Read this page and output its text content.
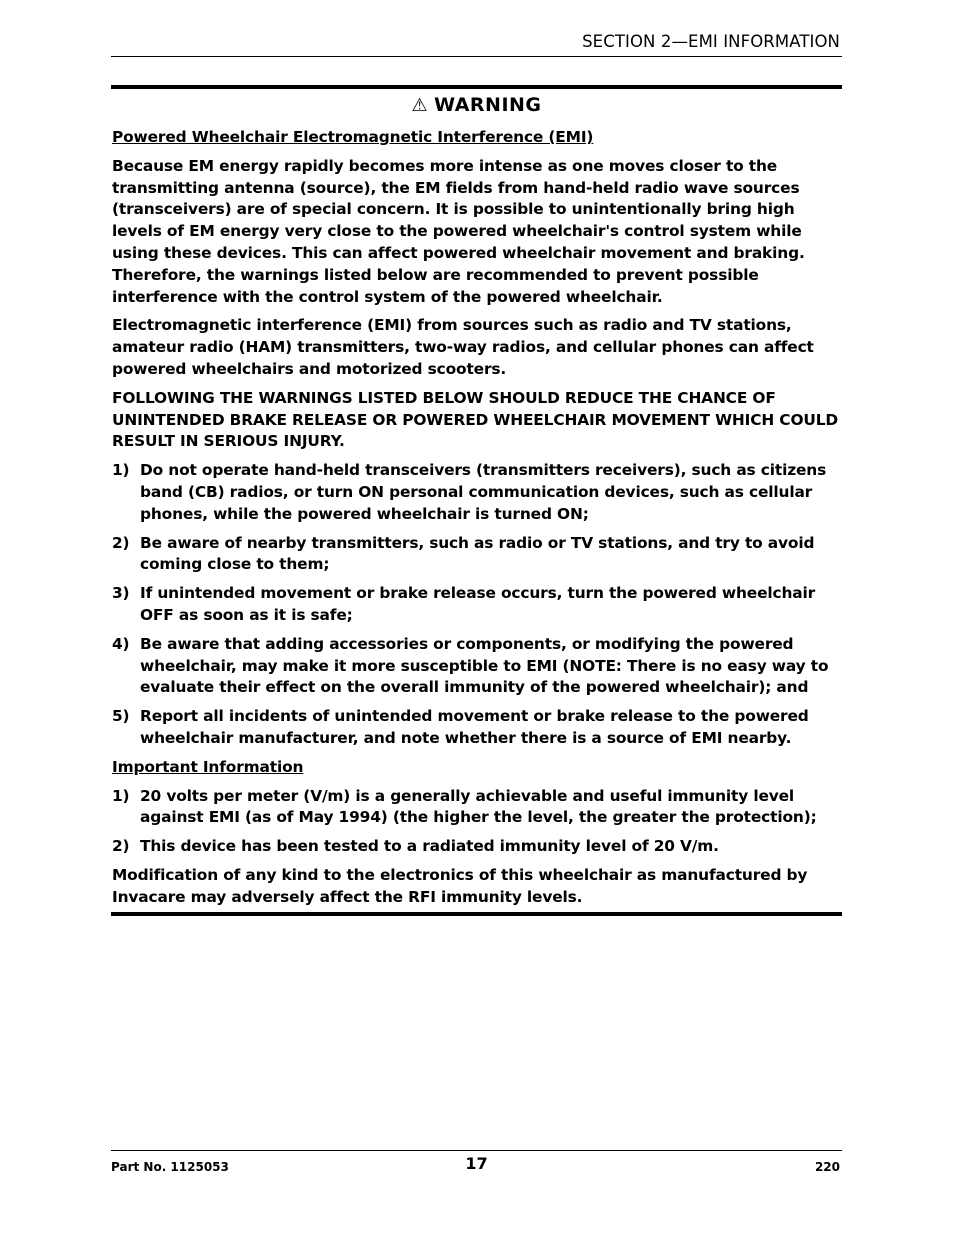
SECTION 2—EMI INFORMATION
⚠ WARNING
Powered Wheelchair Electromagnetic Interference (EMI)
Because EM energy rapidly becomes more intense as one moves closer to the transmitting antenna (source), the EM fields from hand-held radio wave sources (transceivers) are of special concern. It is possible to unintentionally bring high levels of EM energy very close to the powered wheelchair's control system while using these devices. This can affect powered wheelchair movement and braking. Therefore, the warnings listed below are recommended to prevent possible interference with the control system of the powered wheelchair.
Electromagnetic interference (EMI) from sources such as radio and TV stations, amateur radio (HAM) transmitters, two-way radios, and cellular phones can affect powered wheelchairs and motorized scooters.
FOLLOWING THE WARNINGS LISTED BELOW SHOULD REDUCE THE CHANCE OF UNINTENDED BRAKE RELEASE OR POWERED WHEELCHAIR MOVEMENT WHICH COULD RESULT IN SERIOUS INJURY.
1) Do not operate hand-held transceivers (transmitters receivers), such as citizens band (CB) radios, or turn ON personal communication devices, such as cellular phones, while the powered wheelchair is turned ON;
2) Be aware of nearby transmitters, such as radio or TV stations, and try to avoid coming close to them;
3) If unintended movement or brake release occurs, turn the powered wheelchair OFF as soon as it is safe;
4) Be aware that adding accessories or components, or modifying the powered wheelchair, may make it more susceptible to EMI (NOTE: There is no easy way to evaluate their effect on the overall immunity of the powered wheelchair); and
5) Report all incidents of unintended movement or brake release to the powered wheelchair manufacturer, and note whether there is a source of EMI nearby.
Important Information
1) 20 volts per meter (V/m) is a generally achievable and useful immunity level against EMI (as of May 1994) (the higher the level, the greater the protection);
2) This device has been tested to a radiated immunity level of 20 V/m.
Modification of any kind to the electronics of this wheelchair as manufactured by Invacare may adversely affect the RFI immunity levels.
Part No. 1125053	17	220
